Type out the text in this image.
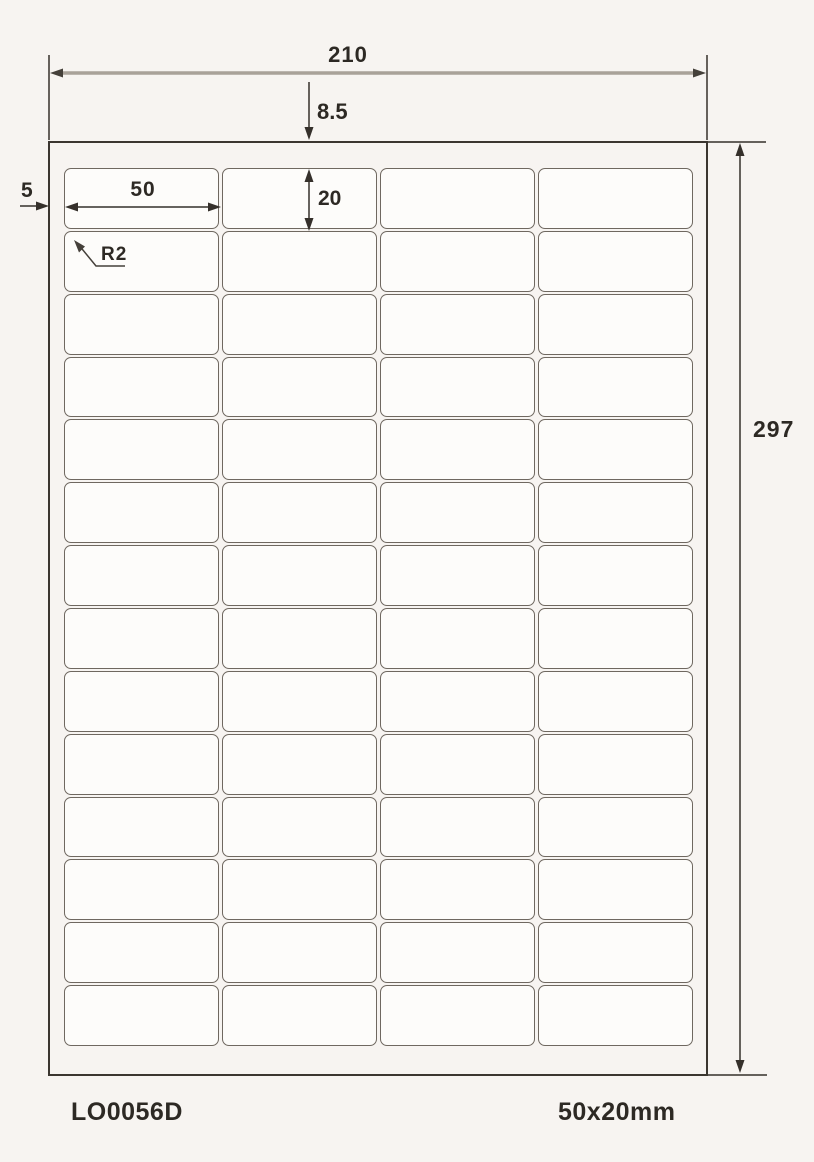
210
8.5
297
50	20
5
R2
LO0056D	50x20mm
